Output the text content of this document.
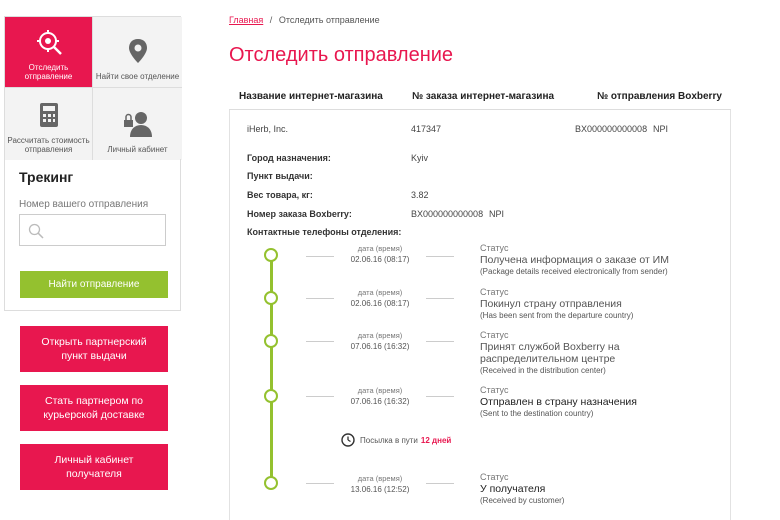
Отследить отправление	Найти свое отделение
Рассчитать стоимость отправления	Личный кабинет
Трекинг
Номер вашего отправления
Найти отправление
Открыть партнерский пункт выдачи
Стать партнером по курьерской доставке
Личный кабинет получателя
Главная / Отследить отправление
Отследить отправление
Название интернет-магазина	№ заказа интернет-магазина	№ отправления Boxberry
iHerb, Inc.	417347	BX000000000008 NPI
Город назначения:	Kyiv
Пункт выдачи:
Вес товара, кг:	3.82
Номер заказа Boxberry:	BX000000000008 NPI
Контактные телефоны отделения:
дата (время)
02.06.16 (08:17)
Статус
Получена информация о заказе от ИМ
(Package details received electronically from sender)
дата (время)
02.06.16 (08:17)
Статус
Покинул страну отправления
(Has been sent from the departure country)
дата (время)
07.06.16 (16:32)
Статус
Принят службой Boxberry на
распределительном центре
(Received in the distribution center)
дата (время)
07.06.16 (16:32)
Статус
Отправлен в страну назначения
(Sent to the destination country)
Посылка в пути 12 дней
дата (время)
13.06.16 (12:52)
Статус
У получателя
(Received by customer)
